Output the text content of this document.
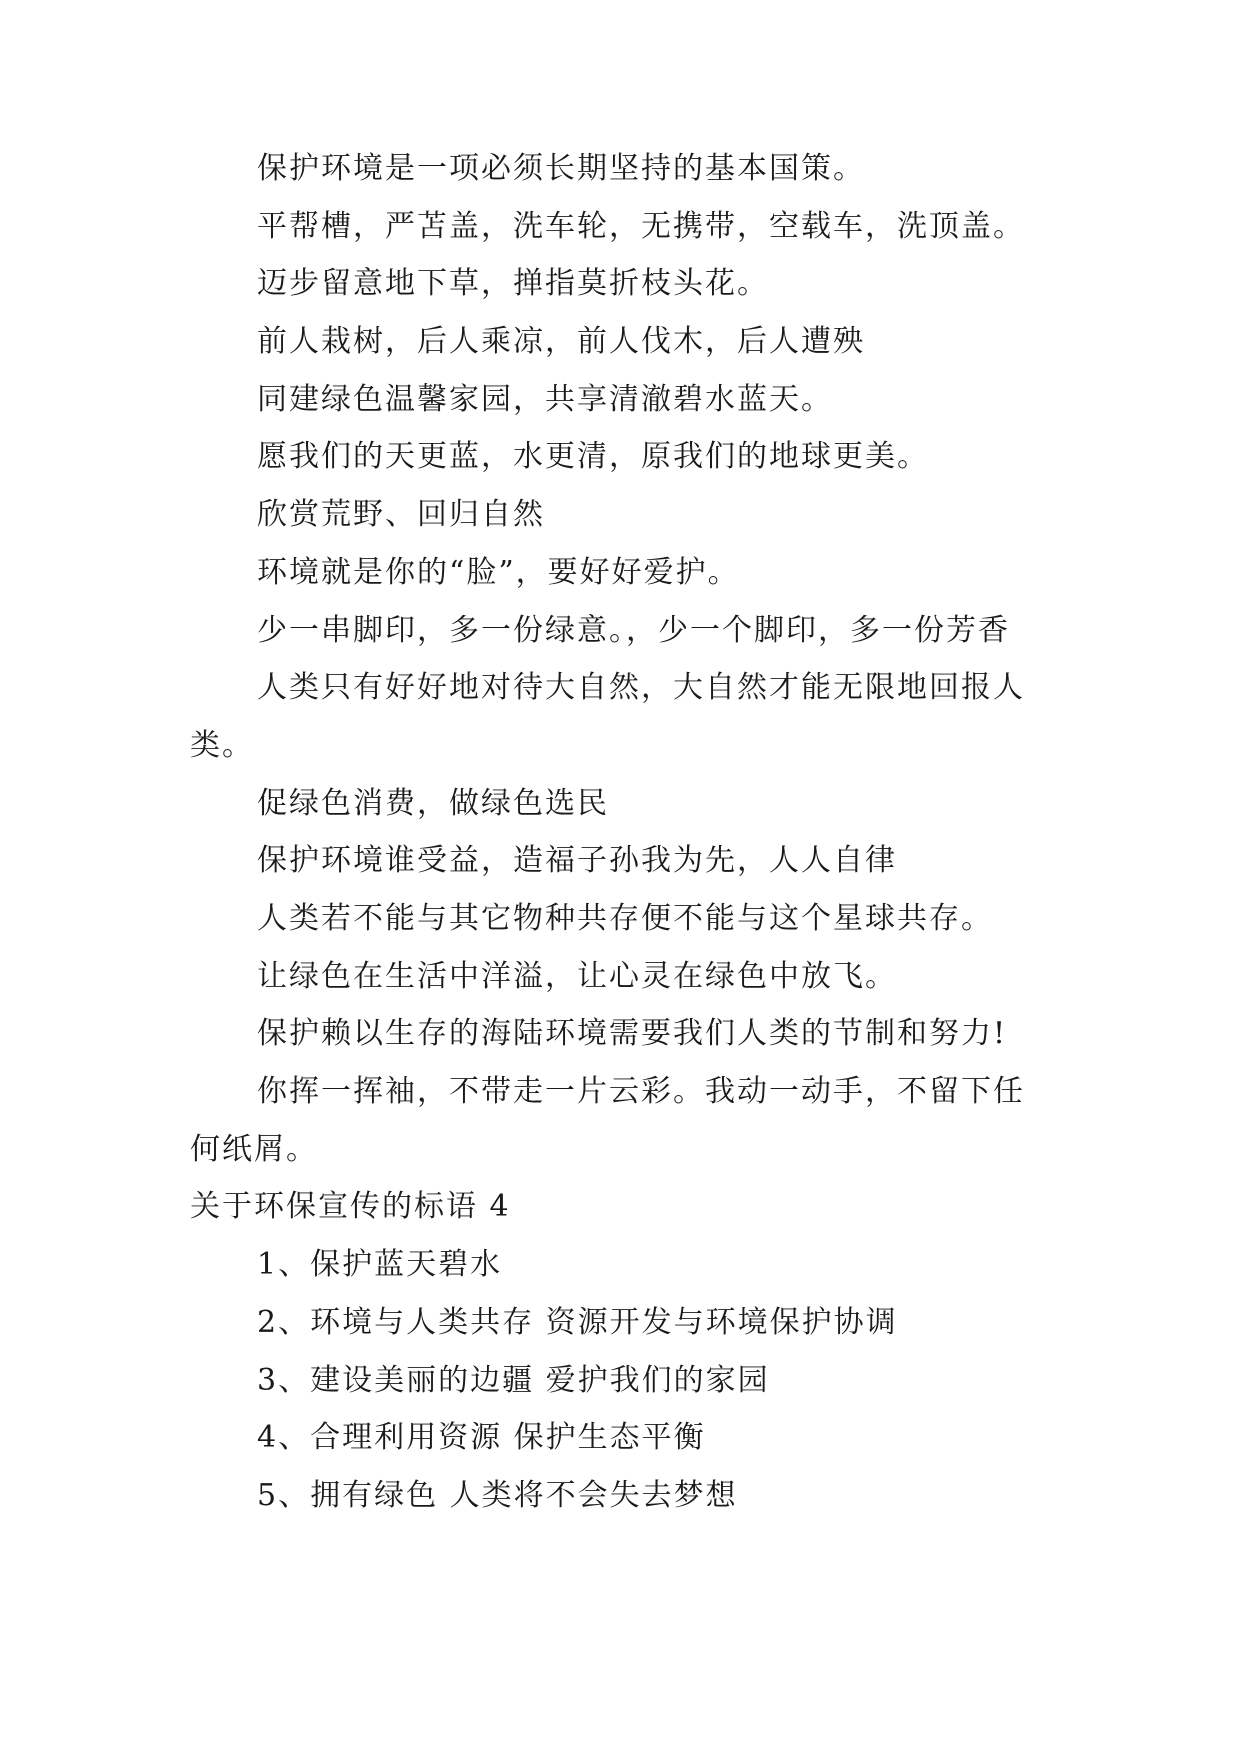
保护环境是一项必须长期坚持的基本国策。
平帮槽，严苫盖，洗车轮，无携带，空载车，洗顶盖。
迈步留意地下草，掸指莫折枝头花。
前人栽树，后人乘凉，前人伐木，后人遭殃
同建绿色温馨家园，共享清澈碧水蓝天。
愿我们的天更蓝，水更清，原我们的地球更美。
欣赏荒野、回归自然
环境就是你的“脸”，要好好爱护。
少一串脚印，多一份绿意。，少一个脚印，多一份芳香
人类只有好好地对待大自然，大自然才能无限地回报人
类。
促绿色消费，做绿色选民
保护环境谁受益，造福子孙我为先，人人自律
人类若不能与其它物种共存便不能与这个星球共存。
让绿色在生活中洋溢，让心灵在绿色中放飞。
保护赖以生存的海陆环境需要我们人类的节制和努力!
你挥一挥袖，不带走一片云彩。我动一动手，不留下任
何纸屑。
关于环保宣传的标语 4
1、保护蓝天碧水
2、环境与人类共存 资源开发与环境保护协调
3、建设美丽的边疆 爱护我们的家园
4、合理利用资源 保护生态平衡
5、拥有绿色 人类将不会失去梦想
